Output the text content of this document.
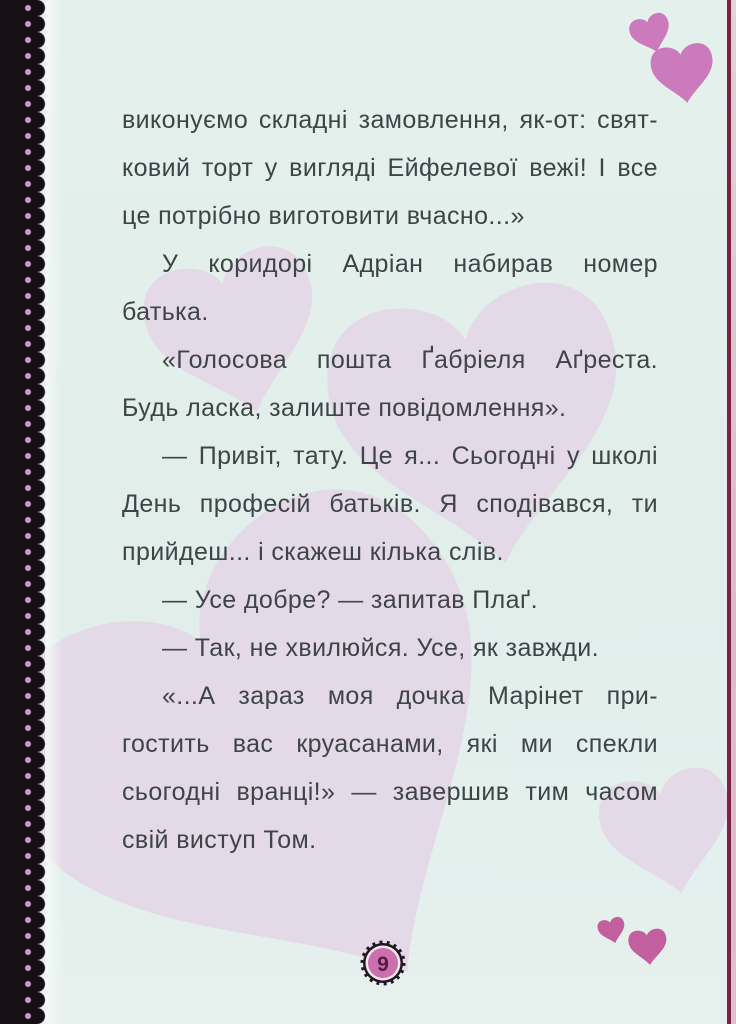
виконуємо складні замовлення, як-от: свят-
ковий торт у вигляді Ейфелевої вежі! І все
це потрібно виготовити вчасно...»
У коридорі Адріан набирав номер
батька.
«Голосова пошта Ґабріеля Аґреста.
Будь ласка, залиште повідомлення».
— Привіт, тату. Це я... Сьогодні у школі
День професій батьків. Я сподівався, ти
прийдеш... і скажеш кілька слів.
— Усе добре? — запитав Плаґ.
— Так, не хвилюйся. Усе, як завжди.
«...А зараз моя дочка Марінет при-
гостить вас круасанами, які ми спекли
сьогодні вранці!» — завершив тим часом
свій виступ Том.
9
